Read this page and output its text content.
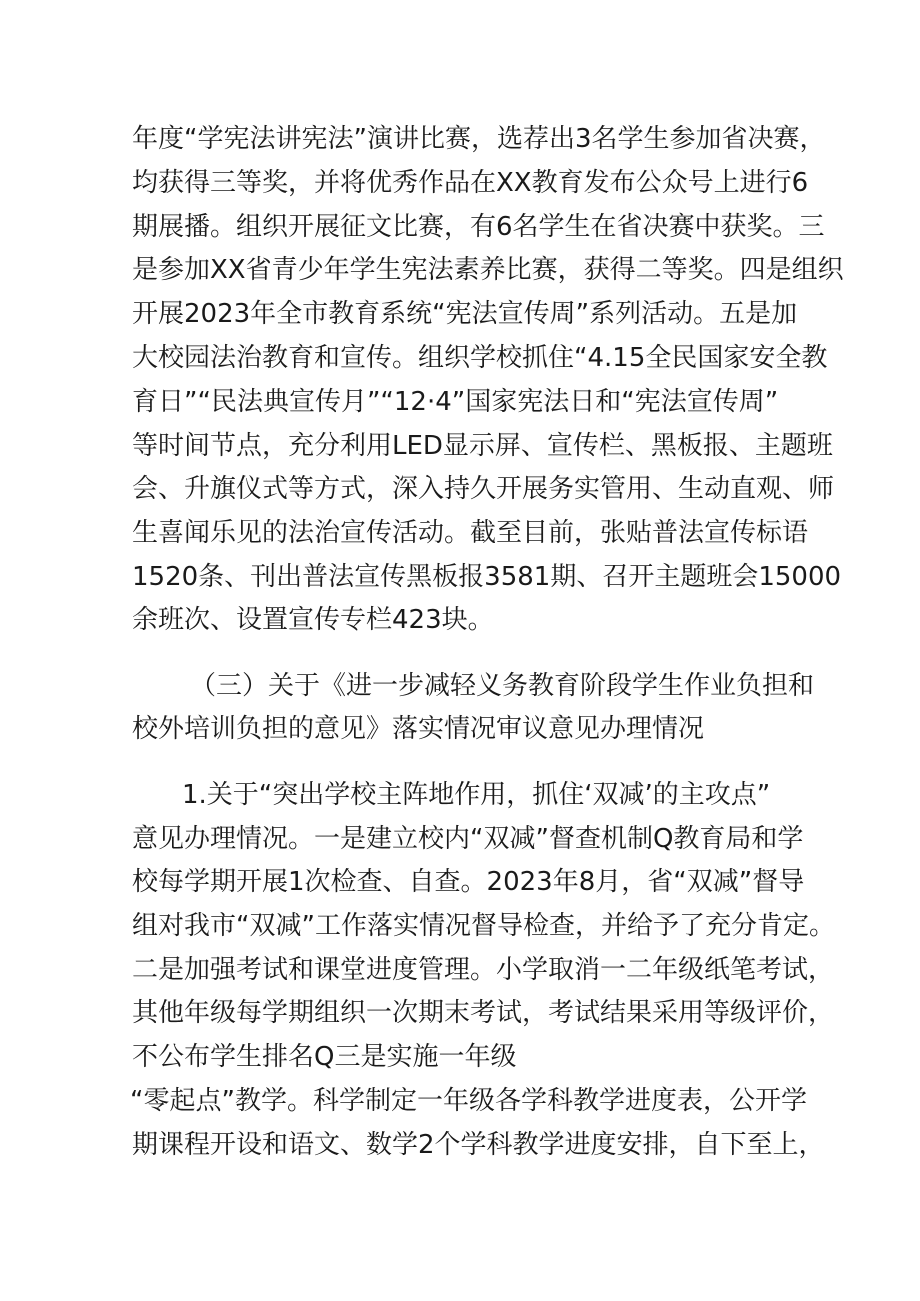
年度“学宪法讲宪法”演讲比赛，选荐出3名学生参加省决赛，

均获得三等奖，并将优秀作品在XX教育发布公众号上进行6

期展播。组织开展征文比赛，有6名学生在省决赛中获奖。三

是参加XX省青少年学生宪法素养比赛，获得二等奖。四是组织

开展2023年全市教育系统“宪法宣传周”系列活动。五是加

大校园法治教育和宣传。组织学校抓住“4.15全民国家安全教

育日”“民法典宣传月”“12·4”国家宪法日和“宪法宣传周”

等时间节点，充分利用LED显示屏、宣传栏、黑板报、主题班

会、升旗仪式等方式，深入持久开展务实管用、生动直观、师

生喜闻乐见的法治宣传活动。截至目前，张贴普法宣传标语

1520条、刊出普法宣传黑板报3581期、召开主题班会15000

余班次、设置宣传专栏423块。

（三）关于《进一步减轻义务教育阶段学生作业负担和

校外培训负担的意见》落实情况审议意见办理情况

1.关于“突出学校主阵地作用，抓住‘双减’的主攻点”

意见办理情况。一是建立校内“双减”督查机制Q教育局和学

校每学期开展1次检查、自查。2023年8月，省“双减”督导

组对我市“双减”工作落实情况督导检查，并给予了充分肯定。

二是加强考试和课堂进度管理。小学取消一二年级纸笔考试，

其他年级每学期组织一次期末考试，考试结果采用等级评价，

不公布学生排名Q三是实施一年级

“零起点”教学。科学制定一年级各学科教学进度表，公开学

期课程开设和语文、数学2个学科教学进度安排，自下至上，
